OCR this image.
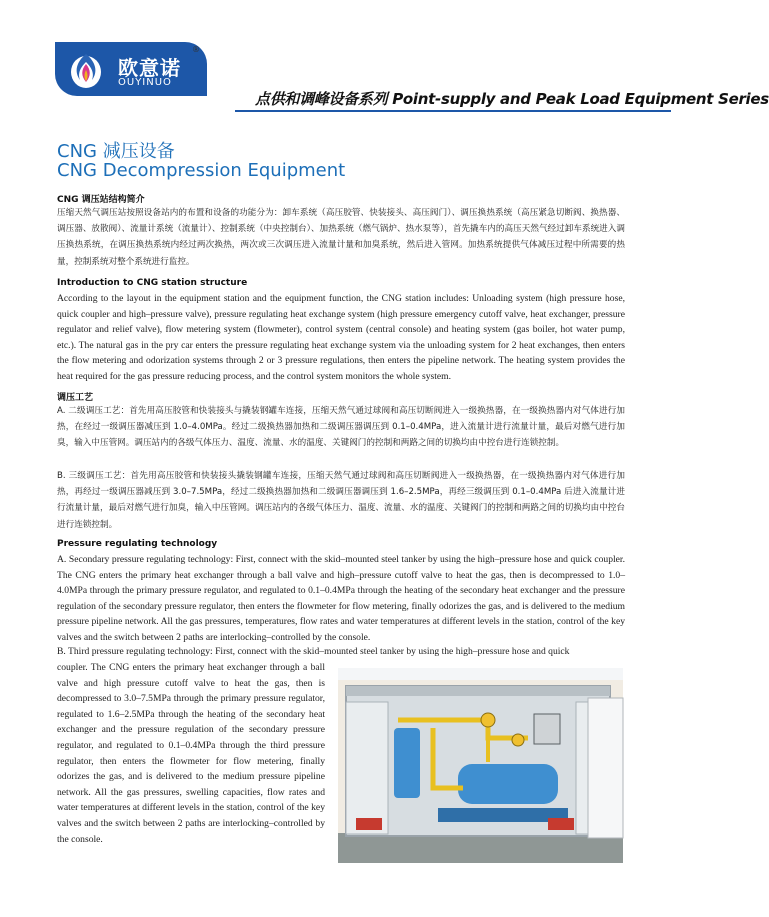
欧意诺
OUYINUO
®
点供和调峰设备系列 Point-supply and Peak Load Equipment Series
CNG 减压设备
CNG Decompression Equipment
CNG 调压站结构简介

压缩天然气调压站按照设备站内的布置和设备的功能分为：卸车系统（高压胶管、快装接头、高压阀门）、调压换热系统（高压紧急切断阀、换热器、调压器、放散阀）、流量计系统（流量计）、控制系统（中央控制台）、加热系统（燃气锅炉、热水泵等），首先撬车内的高压天然气经过卸车系统进入调压换热系统，在调压换热系统内经过两次换热，两次或三次调压进入流量计量和加臭系统，然后进入管网。加热系统提供气体减压过程中所需要的热量，控制系统对整个系统进行监控。

Introduction to CNG station structure

According to the layout in the equipment station and the equipment function, the CNG station includes: Unloading system (high pressure hose, quick coupler and high–pressure valve), pressure regulating heat exchange system (high pressure emergency cutoff valve, heat exchanger, pressure regulator and relief valve), flow metering system (flowmeter), control system (central console) and heating system (gas boiler, hot water pump, etc.). The natural gas in the pry car enters the pressure regulating heat exchange system via the unloading system for 2 heat exchanges, then enters the flow metering and odorization systems through 2 or 3 pressure regulations, then enters the pipeline network. The heating system provides the heat required for the gas pressure reducing process, and the control system monitors the whole system.

调压工艺

A. 二级调压工艺：首先用高压胶管和快装接头与撬装钢罐车连接，压缩天然气通过球阀和高压切断阀进入一级换热器，在一级换热器内对气体进行加热，在经过一级调压器减压到 1.0–4.0MPa。经过二级换热器加热和二级调压器调压到 0.1–0.4MPa，进入流量计进行流量计量，最后对燃气进行加臭，输入中压管网。调压站内的各级气体压力、温度、流量、水的温度、关键阀门的控制和两路之间的切换均由中控台进行连锁控制。

B. 三级调压工艺：首先用高压胶管和快装接头撬装钢罐车连接，压缩天然气通过球阀和高压切断阀进入一级换热器，在一级换热器内对气体进行加热，再经过一级调压器减压到 3.0–7.5MPa，经过二级换热器加热和二级调压器调压到 1.6–2.5MPa，再经三级调压到 0.1–0.4MPa 后进入流量计进行流量计量，最后对燃气进行加臭，输入中压管网。调压站内的各级气体压力、温度、流量、水的温度、关键阀门的控制和两路之间的切换均由中控台进行连锁控制。

Pressure regulating technology

A. Secondary pressure regulating technology: First, connect with the skid–mounted steel tanker by using the high–pressure hose and quick coupler. The CNG enters the primary heat exchanger through a ball valve and high–pressure cutoff valve to heat the gas, then is decompressed to 1.0–4.0MPa through the primary pressure regulator, and regulated to 0.1–0.4MPa through the heating of the secondary heat exchanger and the pressure regulation of the secondary pressure regulator, then enters the flowmeter for flow metering, finally odorizes the gas, and is delivered to the medium pressure pipeline network. All the gas pressures, temperatures, flow rates and water temperatures at different levels in the station, control of the key valves and the switch between 2 paths are interlocking–controlled by the console.

B. Third pressure regulating technology: First, connect with the skid–mounted steel tanker by using the high–pressure hose and quick

coupler. The CNG enters the primary heat exchanger through a ball valve and high pressure cutoff valve to heat the gas, then is decompressed to 3.0–7.5MPa through the primary pressure regulator, regulated to 1.6–2.5MPa through the heating of the secondary heat exchanger and the pressure regulation of the secondary pressure regulator, and regulated to 0.1–0.4MPa through the third pressure regulator, then enters the flowmeter for flow metering, finally odorizes the gas, and is delivered to the medium pressure pipeline network. All the gas pressures, swelling capacities, flow rates and water temperatures at different levels in the station, control of the key valves and the switch between 2 paths are interlocking–controlled by the console.
